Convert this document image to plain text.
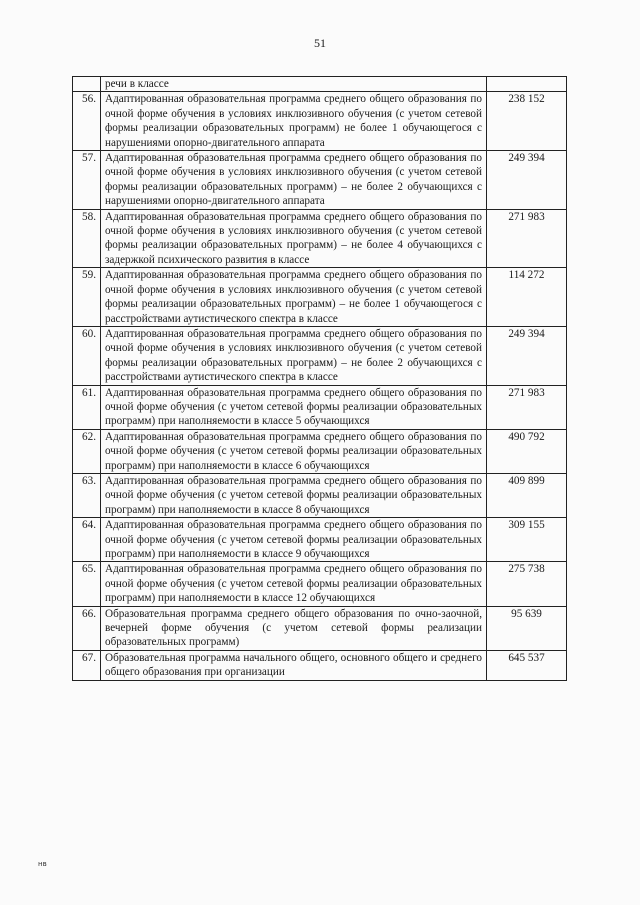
51
	речи в классе	
56.	Адаптированная образовательная программа среднего общего образования по очной форме обучения в условиях инклюзивного обучения (с учетом сетевой формы реализации образовательных программ) не более 1 обучающегося с нарушениями опорно-двигательного аппарата	238 152
57.	Адаптированная образовательная программа среднего общего образования по очной форме обучения в условиях инклюзивного обучения (с учетом сетевой формы реализации образовательных программ) – не более 2 обучающихся с нарушениями опорно-двигательного аппарата	249 394
58.	Адаптированная образовательная программа среднего общего образования по очной форме обучения в условиях инклюзивного обучения (с учетом сетевой формы реализации образовательных программ) – не более 4 обучающихся с задержкой психического развития в классе	271 983
59.	Адаптированная образовательная программа среднего общего образования по очной форме обучения в условиях инклюзивного обучения (с учетом сетевой формы реализации образовательных программ) – не более 1 обучающегося с расстройствами аутистического спектра в классе	114 272
60.	Адаптированная образовательная программа среднего общего образования по очной форме обучения в условиях инклюзивного обучения (с учетом сетевой формы реализации образовательных программ) – не более 2 обучающихся с расстройствами аутистического спектра в классе	249 394
61.	Адаптированная образовательная программа среднего общего образования по очной форме обучения (с учетом сетевой формы реализации образовательных программ) при наполняемости в классе 5 обучающихся	271 983
62.	Адаптированная образовательная программа среднего общего образования по очной форме обучения (с учетом сетевой формы реализации образовательных программ) при наполняемости в классе 6 обучающихся	490 792
63.	Адаптированная образовательная программа среднего общего образования по очной форме обучения (с учетом сетевой формы реализации образовательных программ) при наполняемости в классе 8 обучающихся	409 899
64.	Адаптированная образовательная программа среднего общего образования по очной форме обучения (с учетом сетевой формы реализации образовательных программ) при наполняемости в классе 9 обучающихся	309 155
65.	Адаптированная образовательная программа среднего общего образования по очной форме обучения (с учетом сетевой формы реализации образовательных программ) при наполняемости в классе 12 обучающихся	275 738
66.	Образовательная программа среднего общего образования по очно-заочной, вечерней форме обучения (с учетом сетевой формы реализации образовательных программ)	95 639
67.	Образовательная программа начального общего, основного общего и среднего общего образования при организации	645 537
нв
